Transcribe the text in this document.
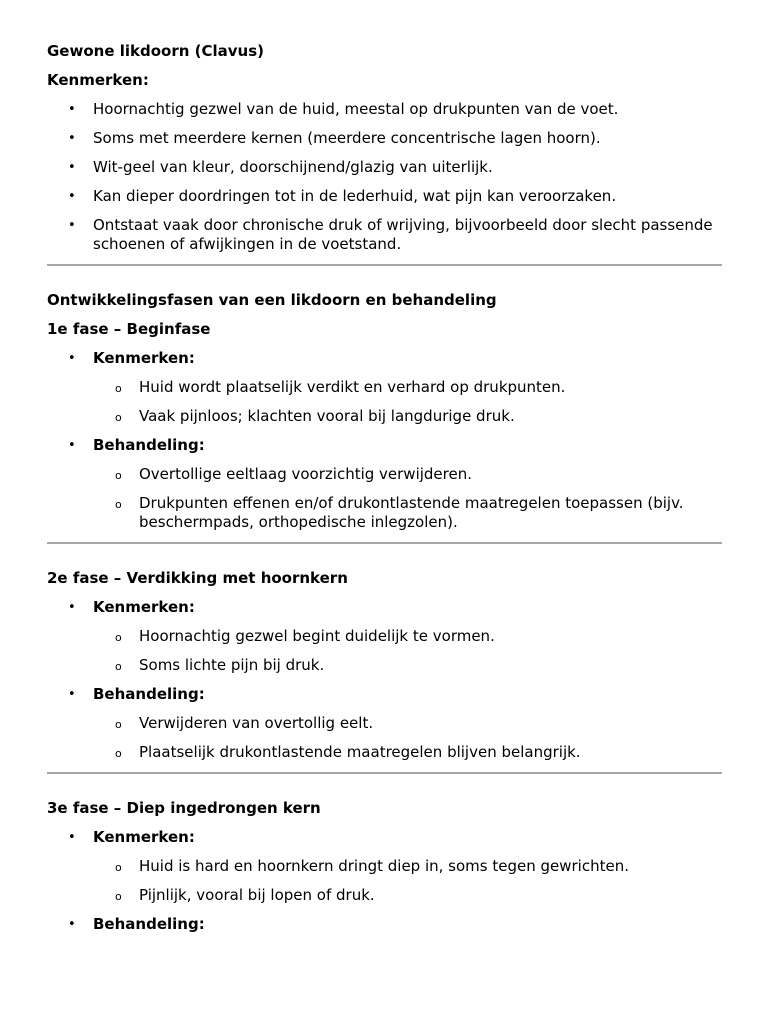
Gewone likdoorn (Clavus)
Kenmerken:
• Hoornachtig gezwel van de huid, meestal op drukpunten van de voet.
• Soms met meerdere kernen (meerdere concentrische lagen hoorn).
• Wit-geel van kleur, doorschijnend/glazig van uiterlijk.
• Kan dieper doordringen tot in de lederhuid, wat pijn kan veroorzaken.
• Ontstaat vaak door chronische druk of wrijving, bijvoorbeeld door slecht passende schoenen of afwijkingen in de voetstand.
Ontwikkelingsfasen van een likdoorn en behandeling
1e fase – Beginfase
• Kenmerken:
o Huid wordt plaatselijk verdikt en verhard op drukpunten.
o Vaak pijnloos; klachten vooral bij langdurige druk.
• Behandeling:
o Overtollige eeltlaag voorzichtig verwijderen.
o Drukpunten effenen en/of drukontlastende maatregelen toepassen (bijv. beschermpads, orthopedische inlegzolen).
2e fase – Verdikking met hoornkern
• Kenmerken:
o Hoornachtig gezwel begint duidelijk te vormen.
o Soms lichte pijn bij druk.
• Behandeling:
o Verwijderen van overtollig eelt.
o Plaatselijk drukontlastende maatregelen blijven belangrijk.
3e fase – Diep ingedrongen kern
• Kenmerken:
o Huid is hard en hoornkern dringt diep in, soms tegen gewrichten.
o Pijnlijk, vooral bij lopen of druk.
• Behandeling:
